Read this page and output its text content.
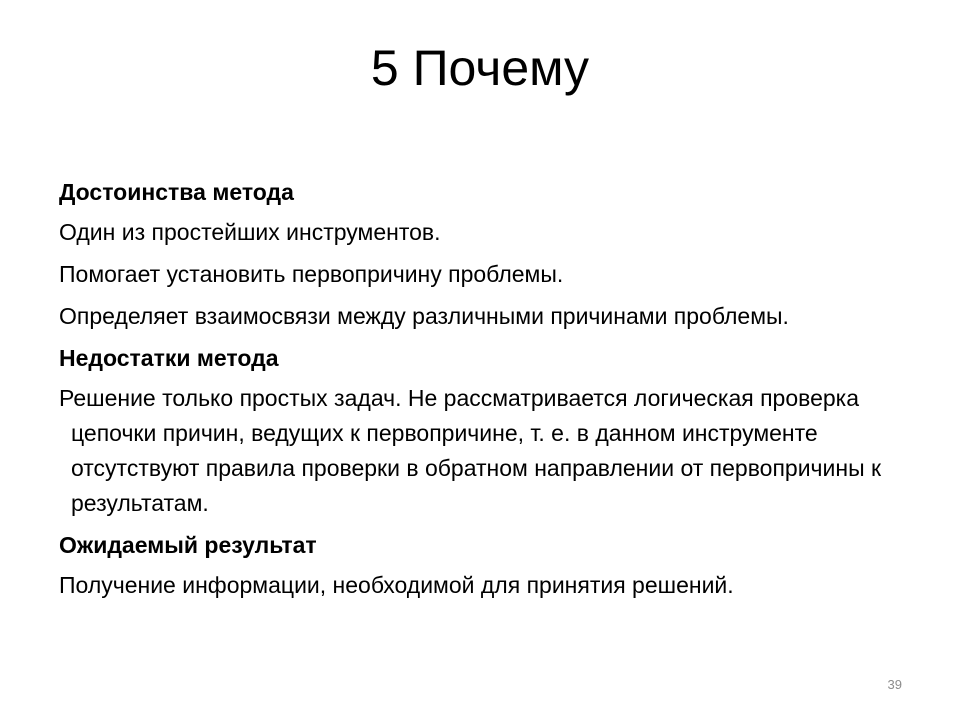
5 Почему
Достоинства метода
Один из простейших инструментов.
Помогает установить первопричину проблемы.
Определяет взаимосвязи между различными причинами проблемы.
Недостатки метода
Решение только простых задач. Не рассматривается логическая проверка цепочки причин, ведущих к первопричине, т. е. в данном инструменте отсутствуют правила проверки в обратном направлении от первопричины к результатам.
Ожидаемый результат
Получение информации, необходимой для принятия решений.
39
